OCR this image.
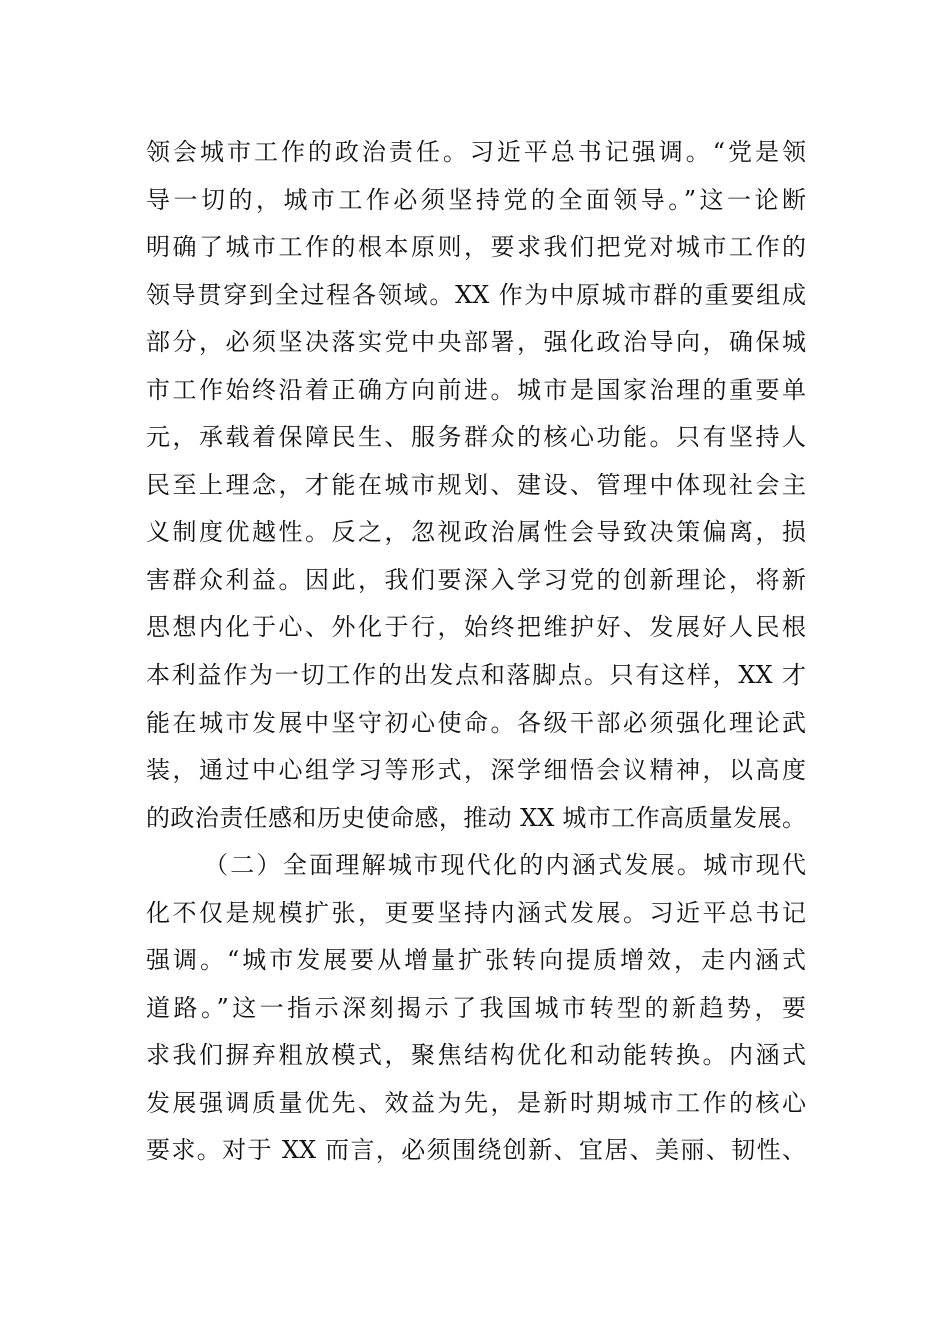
领会城市工作的政治责任。习近平总书记强调。“党是领
导一切的，城市工作必须坚持党的全面领导。”这一论断
明确了城市工作的根本原则，要求我们把党对城市工作的
领导贯穿到全过程各领域。XX 作为中原城市群的重要组成
部分，必须坚决落实党中央部署，强化政治导向，确保城
市工作始终沿着正确方向前进。城市是国家治理的重要单
元，承载着保障民生、服务群众的核心功能。只有坚持人
民至上理念，才能在城市规划、建设、管理中体现社会主
义制度优越性。反之，忽视政治属性会导致决策偏离，损
害群众利益。因此，我们要深入学习党的创新理论，将新
思想内化于心、外化于行，始终把维护好、发展好人民根
本利益作为一切工作的出发点和落脚点。只有这样，XX 才
能在城市发展中坚守初心使命。各级干部必须强化理论武
装，通过中心组学习等形式，深学细悟会议精神，以高度
的政治责任感和历史使命感，推动 XX 城市工作高质量发展。
（二）全面理解城市现代化的内涵式发展。城市现代
化不仅是规模扩张，更要坚持内涵式发展。习近平总书记
强调。“城市发展要从增量扩张转向提质增效，走内涵式
道路。”这一指示深刻揭示了我国城市转型的新趋势，要
求我们摒弃粗放模式，聚焦结构优化和动能转换。内涵式
发展强调质量优先、效益为先，是新时期城市工作的核心
要求。对于 XX 而言，必须围绕创新、宜居、美丽、韧性、
